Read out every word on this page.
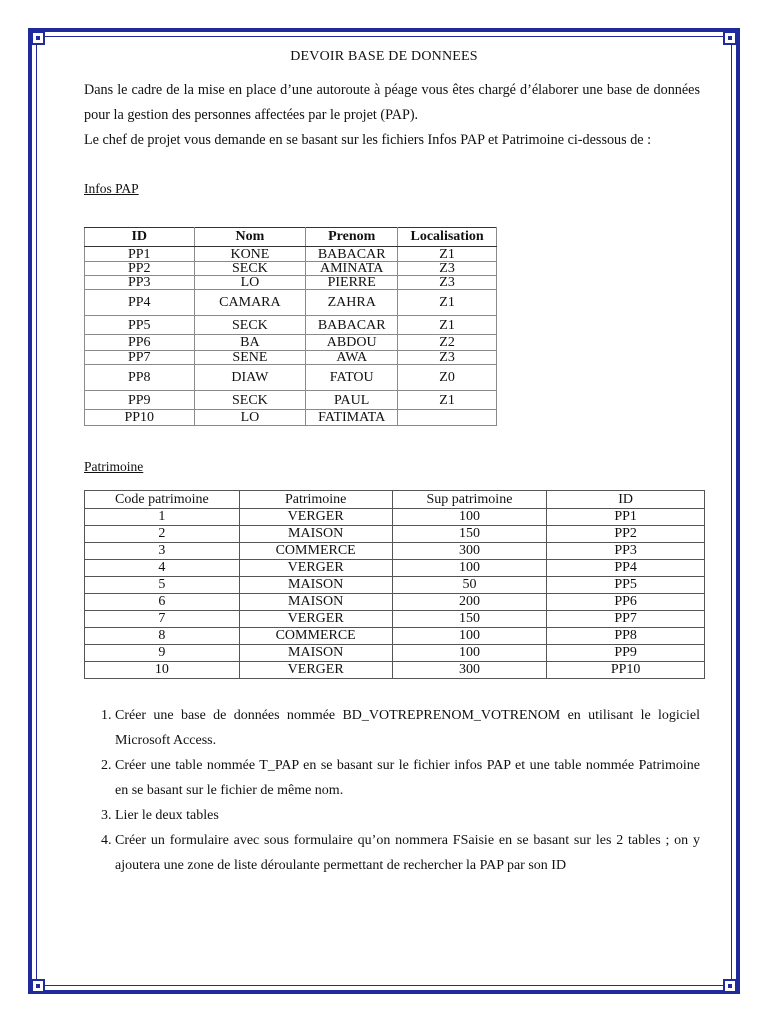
DEVOIR BASE DE DONNEES

Dans le cadre de la mise en place d’une autoroute à péage vous êtes chargé d’élaborer une base de données pour la gestion des personnes affectées par le projet (PAP).

Le chef de projet vous demande en se basant sur les fichiers Infos PAP et Patrimoine ci-dessous de :

Infos PAP
ID	Nom	Prenom	Localisation
PP1	KONE	BABACAR	Z1
PP2	SECK	AMINATA	Z3
PP3	LO	PIERRE	Z3
PP4	CAMARA	ZAHRA	Z1
PP5	SECK	BABACAR	Z1
PP6	BA	ABDOU	Z2
PP7	SENE	AWA	Z3
PP8	DIAW	FATOU	Z0
PP9	SECK	PAUL	Z1
PP10	LO	FATIMATA	
Patrimoine
Code patrimoine	Patrimoine	Sup patrimoine	ID
1	VERGER	100	PP1
2	MAISON	150	PP2
3	COMMERCE	300	PP3
4	VERGER	100	PP4
5	MAISON	50	PP5
6	MAISON	200	PP6
7	VERGER	150	PP7
8	COMMERCE	100	PP8
9	MAISON	100	PP9
10	VERGER	300	PP10
1. Créer une base de données nommée BD_VOTREPRENOM_VOTRENOM en utilisant le logiciel Microsoft Access.
2. Créer une table nommée T_PAP en se basant sur le fichier infos PAP et une table nommée Patrimoine en se basant sur le fichier de même nom.
3. Lier le deux tables
4. Créer un formulaire avec sous formulaire qu’on nommera FSaisie en se basant sur les 2 tables ; on y ajoutera une zone de liste déroulante permettant de rechercher la PAP par son ID
